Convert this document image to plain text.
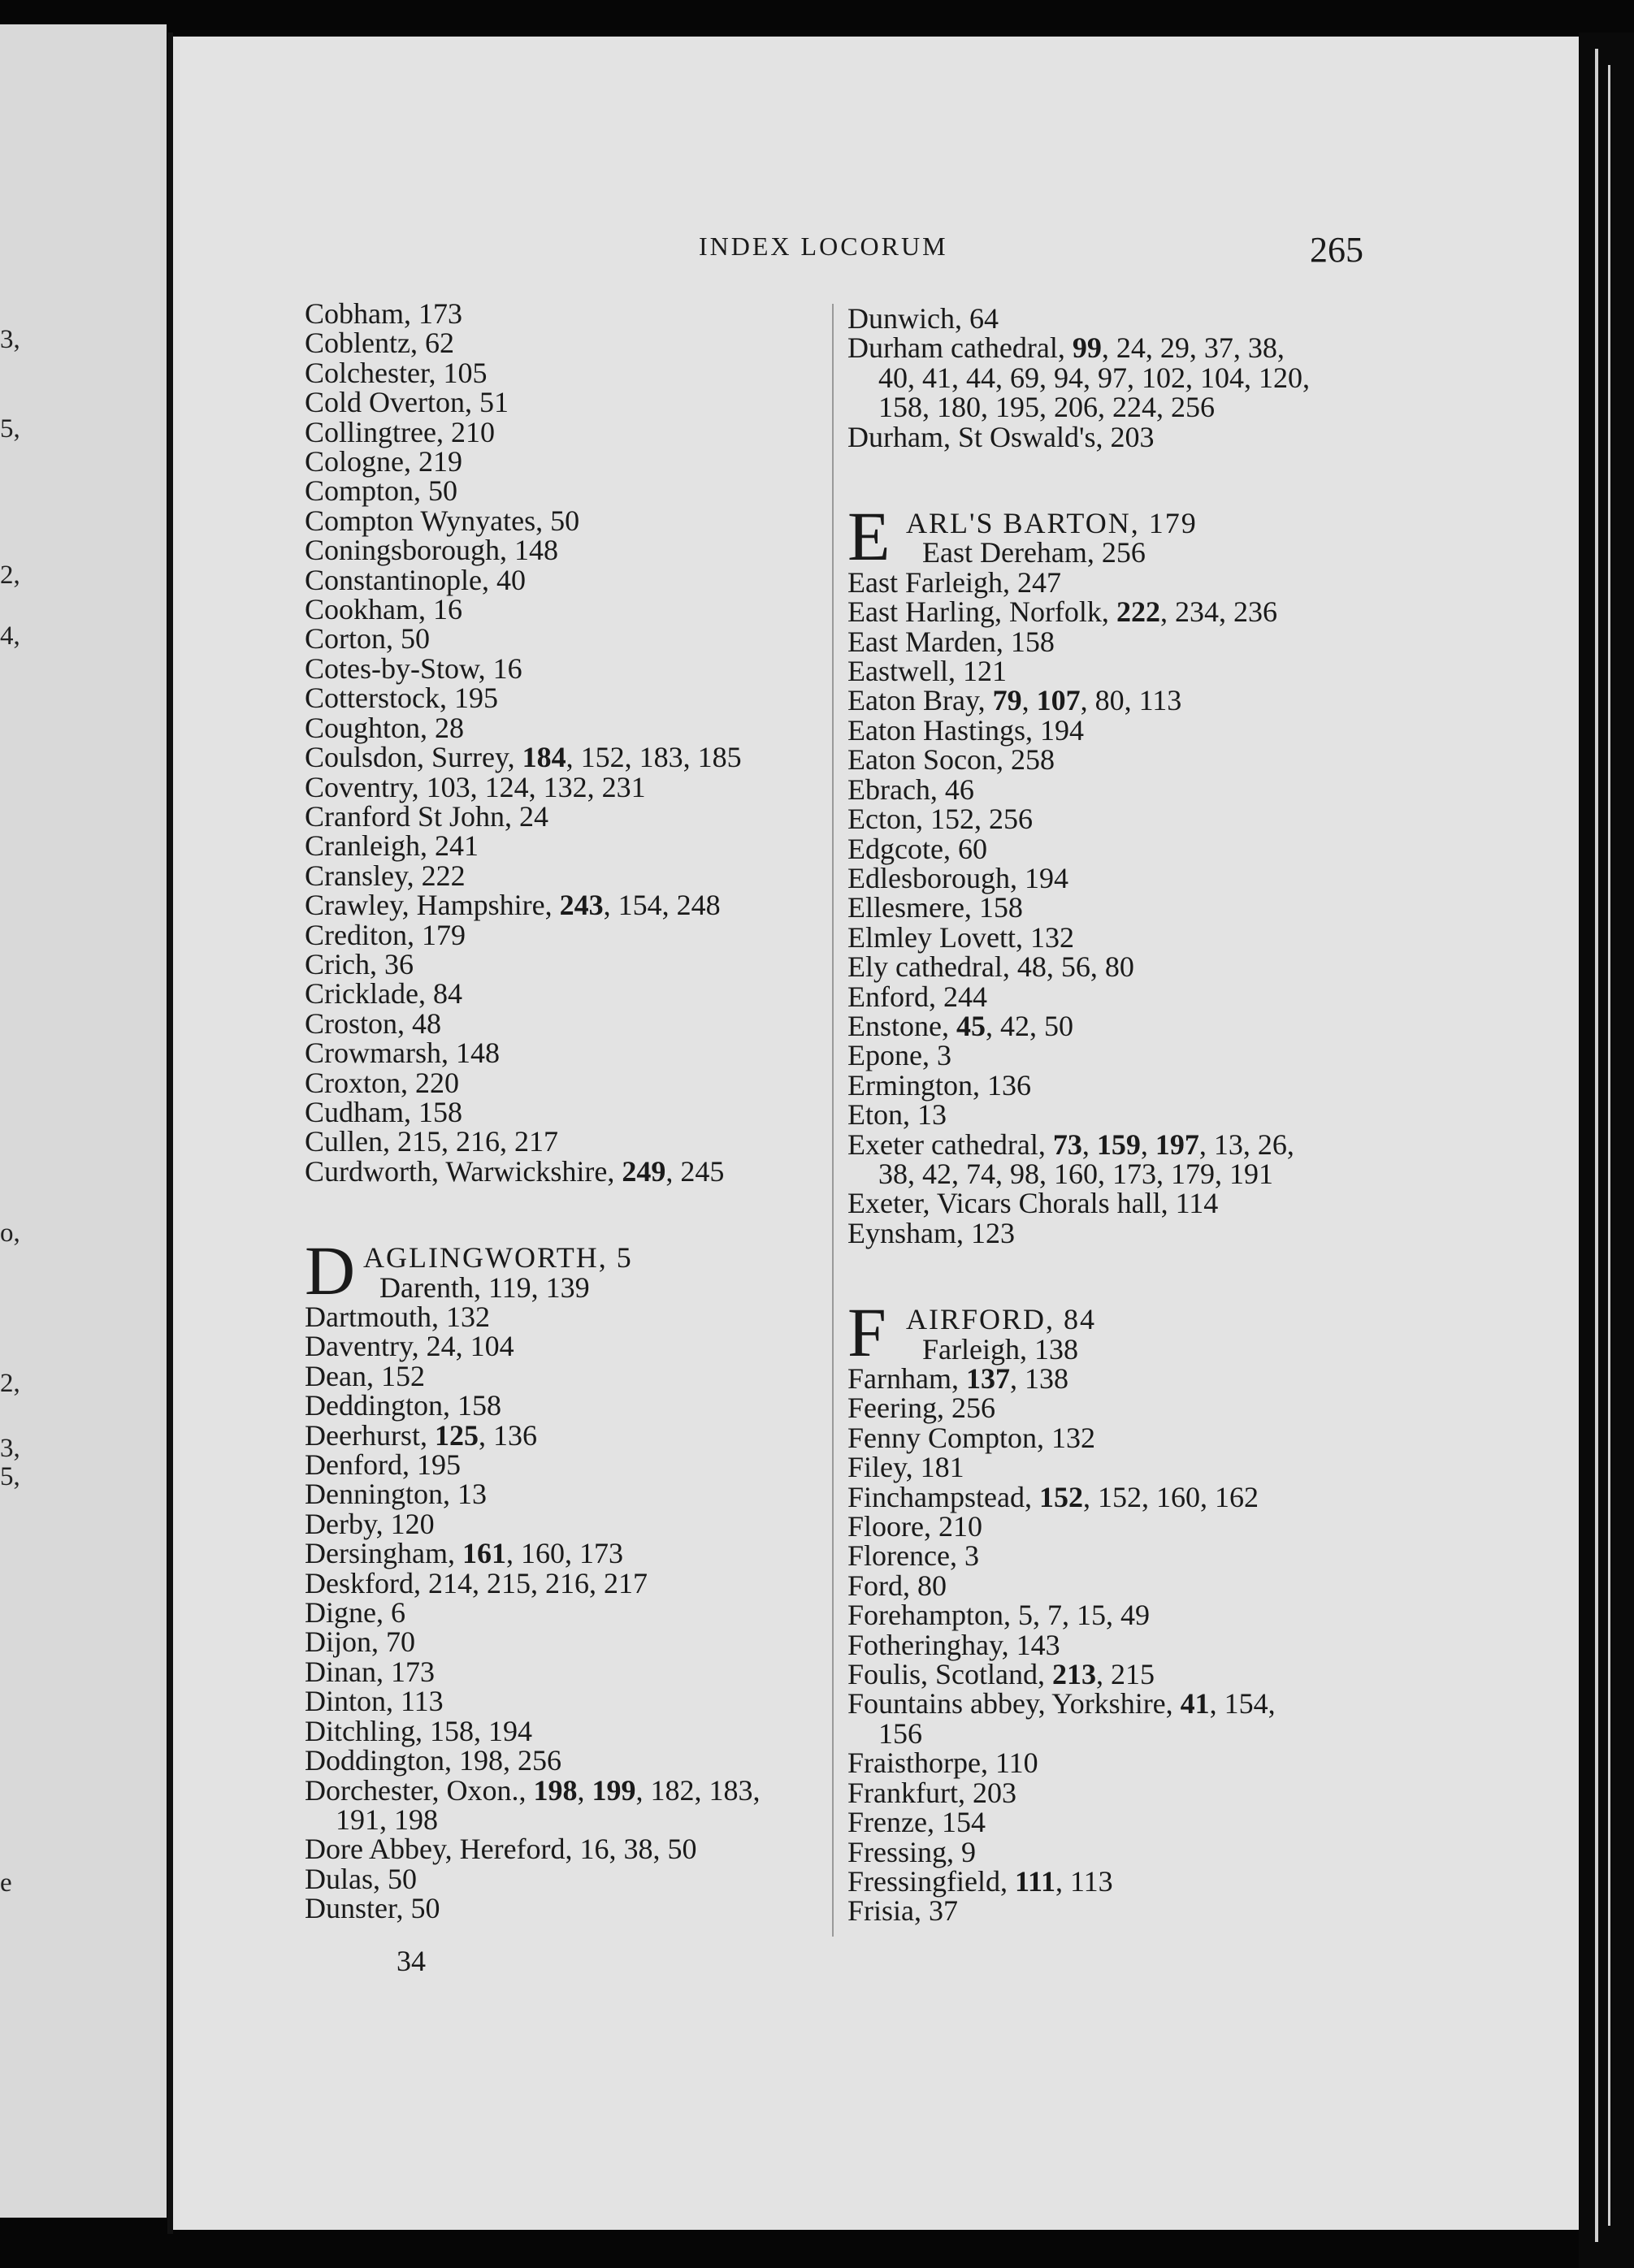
3,
5,
2,
4,
o,
2,
3,
5,
e
INDEX LOCORUM	265

Cobham, 173

Coblentz, 62

Colchester, 105

Cold Overton, 51

Collingtree, 210

Cologne, 219

Compton, 50

Compton Wynyates, 50

Coningsborough, 148

Constantinople, 40

Cookham, 16

Corton, 50

Cotes-by-Stow, 16

Cotterstock, 195

Coughton, 28

Coulsdon, Surrey, 184, 152, 183, 185

Coventry, 103, 124, 132, 231

Cranford St John, 24

Cranleigh, 241

Cransley, 222

Crawley, Hampshire, 243, 154, 248

Crediton, 179

Crich, 36

Cricklade, 84

Croston, 48

Crowmarsh, 148

Croxton, 220

Cudham, 158

Cullen, 215, 216, 217

Curdworth, Warwickshire, 249, 245

D AGLINGWORTH, 5

Darenth, 119, 139

Dartmouth, 132

Daventry, 24, 104

Dean, 152

Deddington, 158

Deerhurst, 125, 136

Denford, 195

Dennington, 13

Derby, 120

Dersingham, 161, 160, 173

Deskford, 214, 215, 216, 217

Digne, 6

Dijon, 70

Dinan, 173

Dinton, 113

Ditchling, 158, 194

Doddington, 198, 256

Dorchester, Oxon., 198, 199, 182, 183,

191, 198

Dore Abbey, Hereford, 16, 38, 50

Dulas, 50

Dunster, 50

Dunwich, 64

Durham cathedral, 99, 24, 29, 37, 38,

40, 41, 44, 69, 94, 97, 102, 104, 120,

158, 180, 195, 206, 224, 256

Durham, St Oswald's, 203

E ARL'S BARTON, 179

East Dereham, 256

East Farleigh, 247

East Harling, Norfolk, 222, 234, 236

East Marden, 158

Eastwell, 121

Eaton Bray, 79, 107, 80, 113

Eaton Hastings, 194

Eaton Socon, 258

Ebrach, 46

Ecton, 152, 256

Edgcote, 60

Edlesborough, 194

Ellesmere, 158

Elmley Lovett, 132

Ely cathedral, 48, 56, 80

Enford, 244

Enstone, 45, 42, 50

Epone, 3

Ermington, 136

Eton, 13

Exeter cathedral, 73, 159, 197, 13, 26,

38, 42, 74, 98, 160, 173, 179, 191

Exeter, Vicars Chorals hall, 114

Eynsham, 123

F AIRFORD, 84

Farleigh, 138

Farnham, 137, 138

Feering, 256

Fenny Compton, 132

Filey, 181

Finchampstead, 152, 152, 160, 162

Floore, 210

Florence, 3

Ford, 80

Forehampton, 5, 7, 15, 49

Fotheringhay, 143

Foulis, Scotland, 213, 215

Fountains abbey, Yorkshire, 41, 154,

156

Fraisthorpe, 110

Frankfurt, 203

Frenze, 154

Fressing, 9

Fressingfield, 111, 113

Frisia, 37

34
